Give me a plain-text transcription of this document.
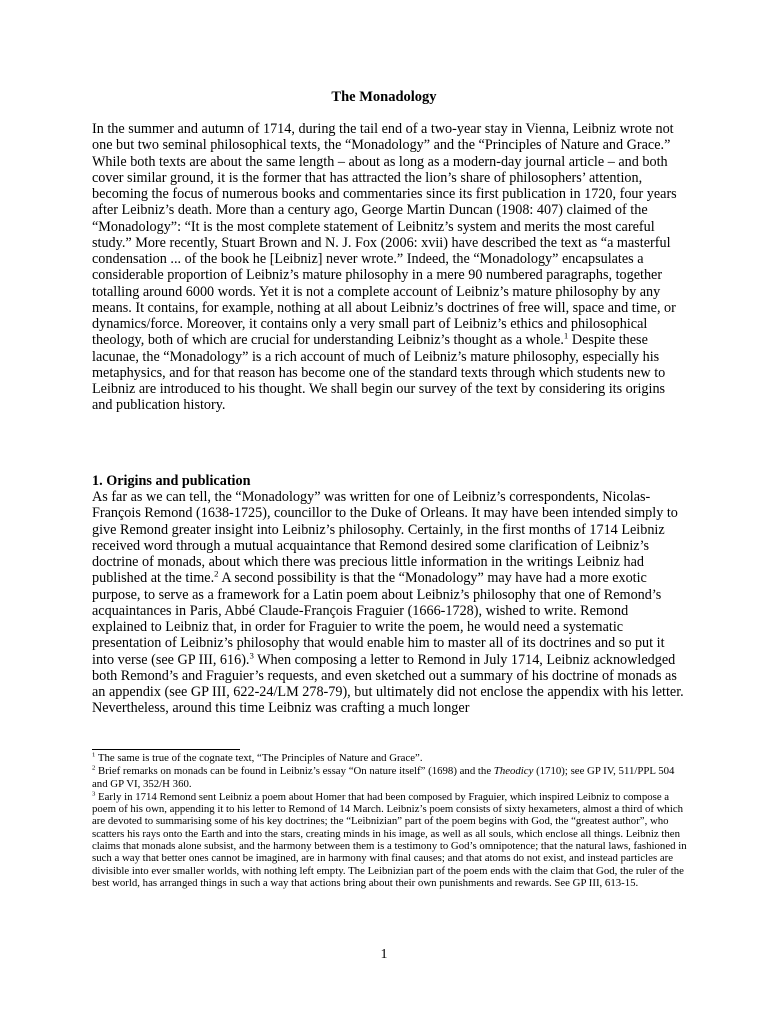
The Monadology

In the summer and autumn of 1714, during the tail end of a two-year stay in Vienna, Leibniz wrote not one but two seminal philosophical texts, the “Monadology” and the “Principles of Nature and Grace.” While both texts are about the same length – about as long as a modern-day journal article – and both cover similar ground, it is the former that has attracted the lion’s share of philosophers’ attention, becoming the focus of numerous books and commentaries since its first publication in 1720, four years after Leibniz’s death. More than a century ago, George Martin Duncan (1908: 407) claimed of the “Monadology”: “It is the most complete statement of Leibnitz’s system and merits the most careful study.” More recently, Stuart Brown and N. J. Fox (2006: xvii) have described the text as “a masterful condensation ... of the book he [Leibniz] never wrote.” Indeed, the “Monadology” encapsulates a considerable proportion of Leibniz’s mature philosophy in a mere 90 numbered paragraphs, together totalling around 6000 words. Yet it is not a complete account of Leibniz’s mature philosophy by any means. It contains, for example, nothing at all about Leibniz’s doctrines of free will, space and time, or dynamics/force. Moreover, it contains only a very small part of Leibniz’s ethics and philosophical theology, both of which are crucial for understanding Leibniz’s thought as a whole.$^1$ Despite these lacunae, the “Monadology” is a rich account of much of Leibniz’s mature philosophy, especially his metaphysics, and for that reason has become one of the standard texts through which students new to Leibniz are introduced to his thought. We shall begin our survey of the text by considering its origins and publication history.

1. Origins and publication

As far as we can tell, the “Monadology” was written for one of Leibniz’s correspondents, Nicolas-François Remond (1638-1725), councillor to the Duke of Orleans. It may have been intended simply to give Remond greater insight into Leibniz’s philosophy. Certainly, in the first months of 1714 Leibniz received word through a mutual acquaintance that Remond desired some clarification of Leibniz’s doctrine of monads, about which there was precious little information in the writings Leibniz had published at the time.$^2$ A second possibility is that the “Monadology” may have had a more exotic purpose, to serve as a framework for a Latin poem about Leibniz’s philosophy that one of Remond’s acquaintances in Paris, Abbé Claude-François Fraguier (1666-1728), wished to write. Remond explained to Leibniz that, in order for Fraguier to write the poem, he would need a systematic presentation of Leibniz’s philosophy that would enable him to master all of its doctrines and so put it into verse (see GP III, 616).$^3$ When composing a letter to Remond in July 1714, Leibniz acknowledged both Remond’s and Fraguier’s requests, and even sketched out a summary of his doctrine of monads as an appendix (see GP III, 622-24/LM 278-79), but ultimately did not enclose the appendix with his letter. Nevertheless, around this time Leibniz was crafting a much longer

$^1$ The same is true of the cognate text, “The Principles of Nature and Grace”.

$^2$ Brief remarks on monads can be found in Leibniz’s essay “On nature itself” (1698) and the Theodicy (1710); see GP IV, 511/PPL 504 and GP VI, 352/H 360.

$^3$ Early in 1714 Remond sent Leibniz a poem about Homer that had been composed by Fraguier, which inspired Leibniz to compose a poem of his own, appending it to his letter to Remond of 14 March. Leibniz’s poem consists of sixty hexameters, almost a third of which are devoted to summarising some of his key doctrines; the “Leibnizian” part of the poem begins with God, the “greatest author”, who scatters his rays onto the Earth and into the stars, creating minds in his image, as well as all souls, which enclose all things. Leibniz then claims that monads alone subsist, and the harmony between them is a testimony to God’s omnipotence; that the natural laws, fashioned in such a way that better ones cannot be imagined, are in harmony with final causes; and that atoms do not exist, and instead particles are divisible into ever smaller worlds, with nothing left empty. The Leibnizian part of the poem ends with the claim that God, the ruler of the best world, has arranged things in such a way that actions bring about their own punishments and rewards. See GP III, 613-15.

1
